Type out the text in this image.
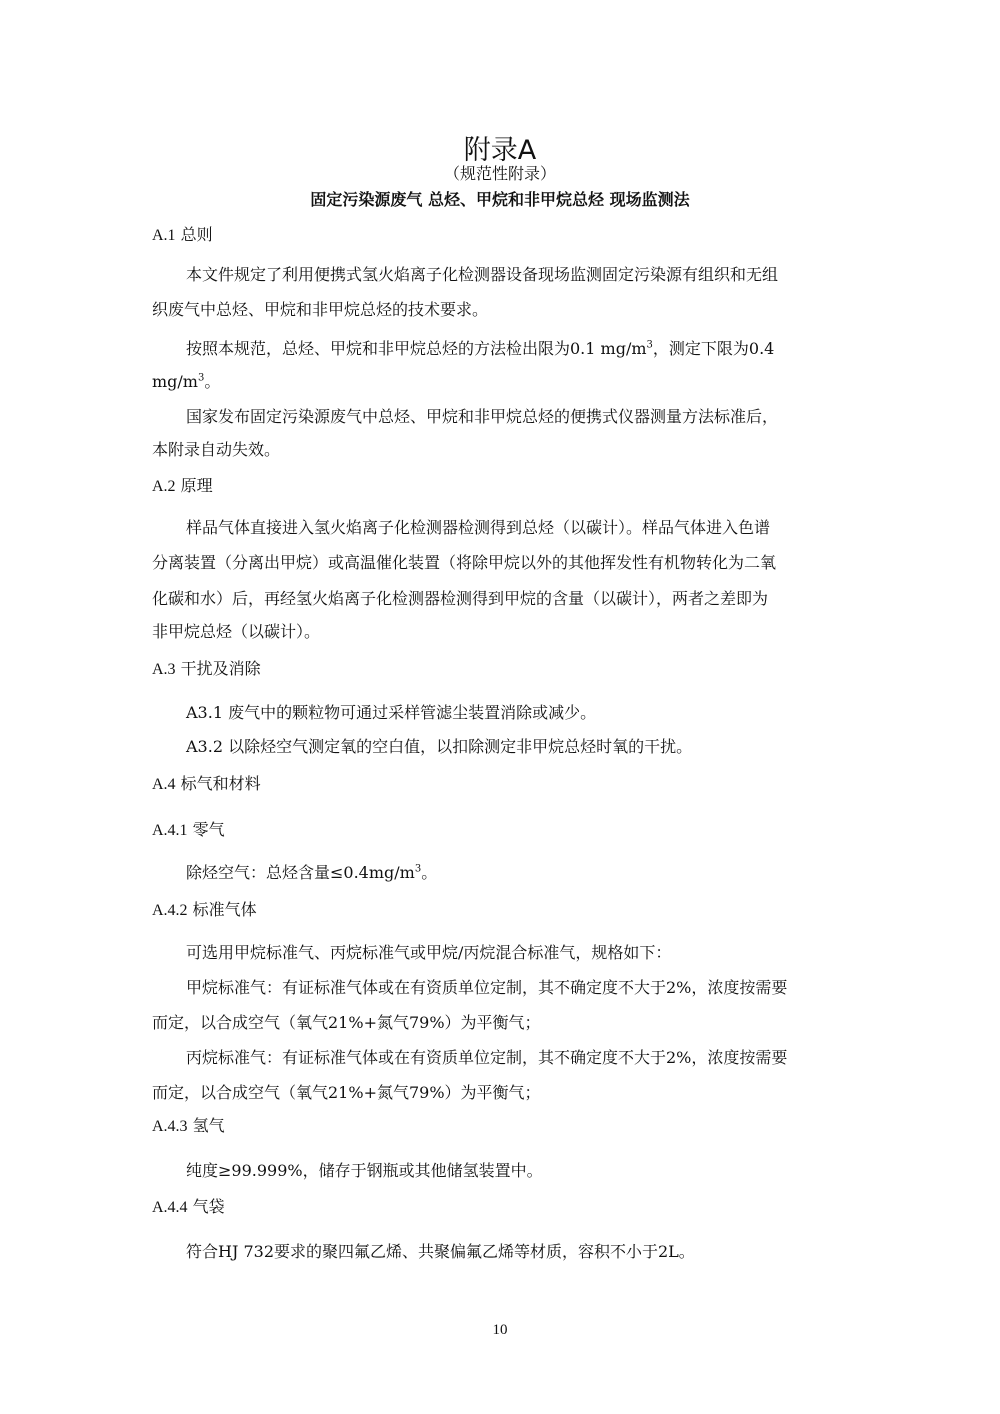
附录A
（规范性附录）
固定污染源废气 总烃、甲烷和非甲烷总烃 现场监测法
A.1 总则
本文件规定了利用便携式氢火焰离子化检测器设备现场监测固定污染源有组织和无组
织废气中总烃、甲烷和非甲烷总烃的技术要求。
按照本规范，总烃、甲烷和非甲烷总烃的方法检出限为0.1 $mg/m^3$，测定下限为0.4
$mg/m^3$。
国家发布固定污染源废气中总烃、甲烷和非甲烷总烃的便携式仪器测量方法标准后，
本附录自动失效。
A.2 原理
样品气体直接进入氢火焰离子化检测器检测得到总烃（以碳计）。样品气体进入色谱
分离装置（分离出甲烷）或高温催化装置（将除甲烷以外的其他挥发性有机物转化为二氧
化碳和水）后，再经氢火焰离子化检测器检测得到甲烷的含量（以碳计），两者之差即为
非甲烷总烃（以碳计）。
A.3 干扰及消除
A3.1 废气中的颗粒物可通过采样管滤尘装置消除或减少。
A3.2 以除烃空气测定氧的空白值，以扣除测定非甲烷总烃时氧的干扰。
A.4 标气和材料
A.4.1 零气
除烃空气：总烃含量$\le 0.4mg/m^3$。
A.4.2 标准气体
可选用甲烷标准气、丙烷标准气或甲烷/丙烷混合标准气，规格如下：
甲烷标准气：有证标准气体或在有资质单位定制，其不确定度不大于2%，浓度按需要
而定，以合成空气（氧气21%+氮气79%）为平衡气；
丙烷标准气：有证标准气体或在有资质单位定制，其不确定度不大于2%，浓度按需要
而定，以合成空气（氧气21%+氮气79%）为平衡气；
A.4.3 氢气
纯度≥99.999%，储存于钢瓶或其他储氢装置中。
A.4.4 气袋
符合HJ 732要求的聚四氟乙烯、共聚偏氟乙烯等材质，容积不小于2L。
10
